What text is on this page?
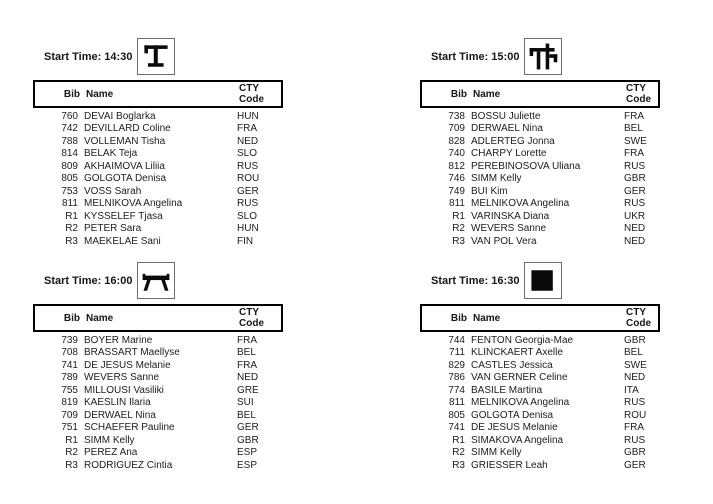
Start Time: 14:30
Bib Name	CTY
Code
760 DEVAI Boglarka	HUN
742 DEVILLARD Coline	FRA
788 VOLLEMAN Tisha	NED
814 BELAK Teja	SLO
809 AKHAIMOVA Liliia	RUS
805 GOLGOTA Denisa	ROU
753 VOSS Sarah	GER
811 MELNIKOVA Angelina	RUS
R1 KYSSELEF Tjasa	SLO
R2 PETER Sara	HUN
R3 MAEKELAE Sani	FIN
Start Time: 15:00
Bib Name	CTY
Code
738 BOSSU Juliette	FRA
709 DERWAEL Nina	BEL
828 ADLERTEG Jonna	SWE
740 CHARPY Lorette	FRA
812 PEREBINOSOVA Uliana	RUS
746 SIMM Kelly	GBR
749 BUI Kim	GER
811 MELNIKOVA Angelina	RUS
R1 VARINSKA Diana	UKR
R2 WEVERS Sanne	NED
R3 VAN POL Vera	NED
Start Time: 16:00
Bib Name	CTY
Code
739 BOYER Marine	FRA
708 BRASSART Maellyse	BEL
741 DE JESUS Melanie	FRA
789 WEVERS Sanne	NED
755 MILLOUSI Vasiliki	GRE
819 KAESLIN Ilaria	SUI
709 DERWAEL Nina	BEL
751 SCHAEFER Pauline	GER
R1 SIMM Kelly	GBR
R2 PEREZ Ana	ESP
R3 RODRIGUEZ Cintia	ESP
Start Time: 16:30
Bib Name	CTY
Code
744 FENTON Georgia-Mae	GBR
711 KLINCKAERT Axelle	BEL
829 CASTLES Jessica	SWE
786 VAN GERNER Celine	NED
774 BASILE Martina	ITA
811 MELNIKOVA Angelina	RUS
805 GOLGOTA Denisa	ROU
741 DE JESUS Melanie	FRA
R1 SIMAKOVA Angelina	RUS
R2 SIMM Kelly	GBR
R3 GRIESSER Leah	GER
